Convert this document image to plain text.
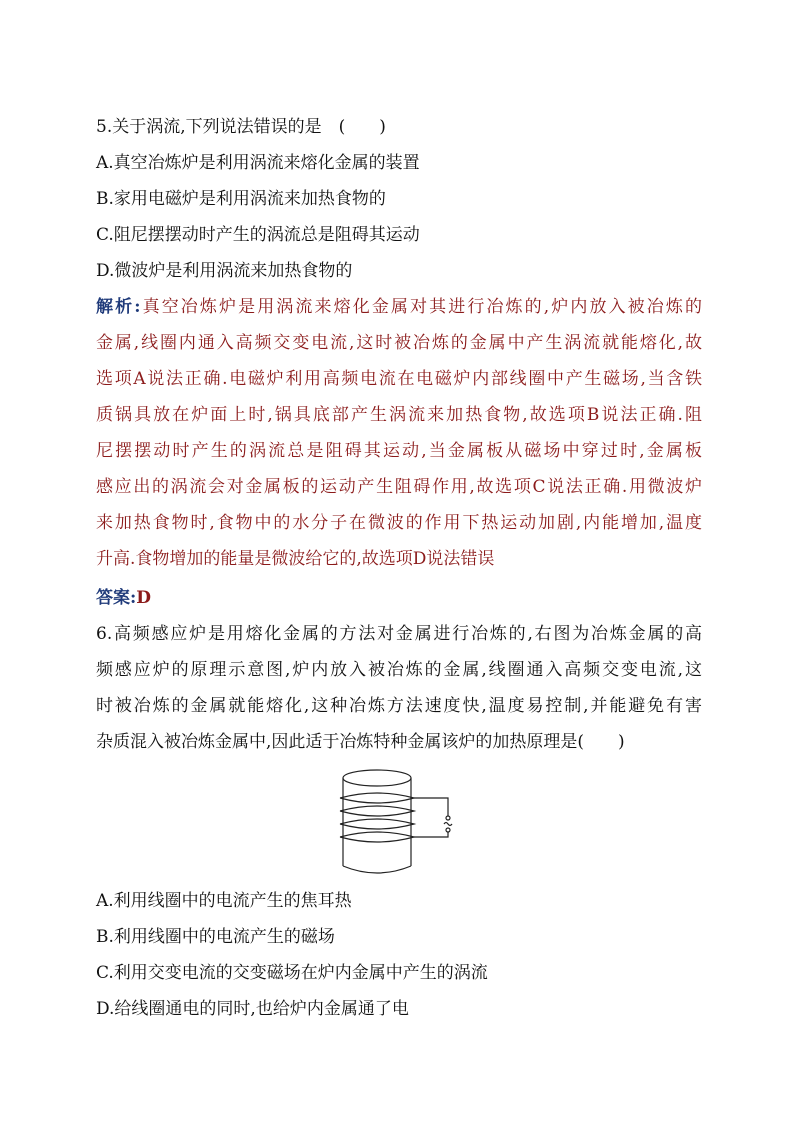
5.关于涡流,下列说法错误的是　(　　)
A.真空冶炼炉是利用涡流来熔化金属的装置
B.家用电磁炉是利用涡流来加热食物的
C.阻尼摆摆动时产生的涡流总是阻碍其运动
D.微波炉是利用涡流来加热食物的
解析:真空冶炼炉是用涡流来熔化金属对其进行冶炼的,炉内放入被冶炼的
金属,线圈内通入高频交变电流,这时被冶炼的金属中产生涡流就能熔化,故
选项A说法正确.电磁炉利用高频电流在电磁炉内部线圈中产生磁场,当含铁
质锅具放在炉面上时,锅具底部产生涡流来加热食物,故选项B说法正确.阻
尼摆摆动时产生的涡流总是阻碍其运动,当金属板从磁场中穿过时,金属板
感应出的涡流会对金属板的运动产生阻碍作用,故选项C说法正确.用微波炉
来加热食物时,食物中的水分子在微波的作用下热运动加剧,内能增加,温度
升高.食物增加的能量是微波给它的,故选项D说法错误
答案:D
6.高频感应炉是用熔化金属的方法对金属进行冶炼的,右图为冶炼金属的高
频感应炉的原理示意图,炉内放入被冶炼的金属,线圈通入高频交变电流,这
时被冶炼的金属就能熔化,这种冶炼方法速度快,温度易控制,并能避免有害
杂质混入被冶炼金属中,因此适于冶炼特种金属该炉的加热原理是(　　)
A.利用线圈中的电流产生的焦耳热
B.利用线圈中的电流产生的磁场
C.利用交变电流的交变磁场在炉内金属中产生的涡流
D.给线圈通电的同时,也给炉内金属通了电
